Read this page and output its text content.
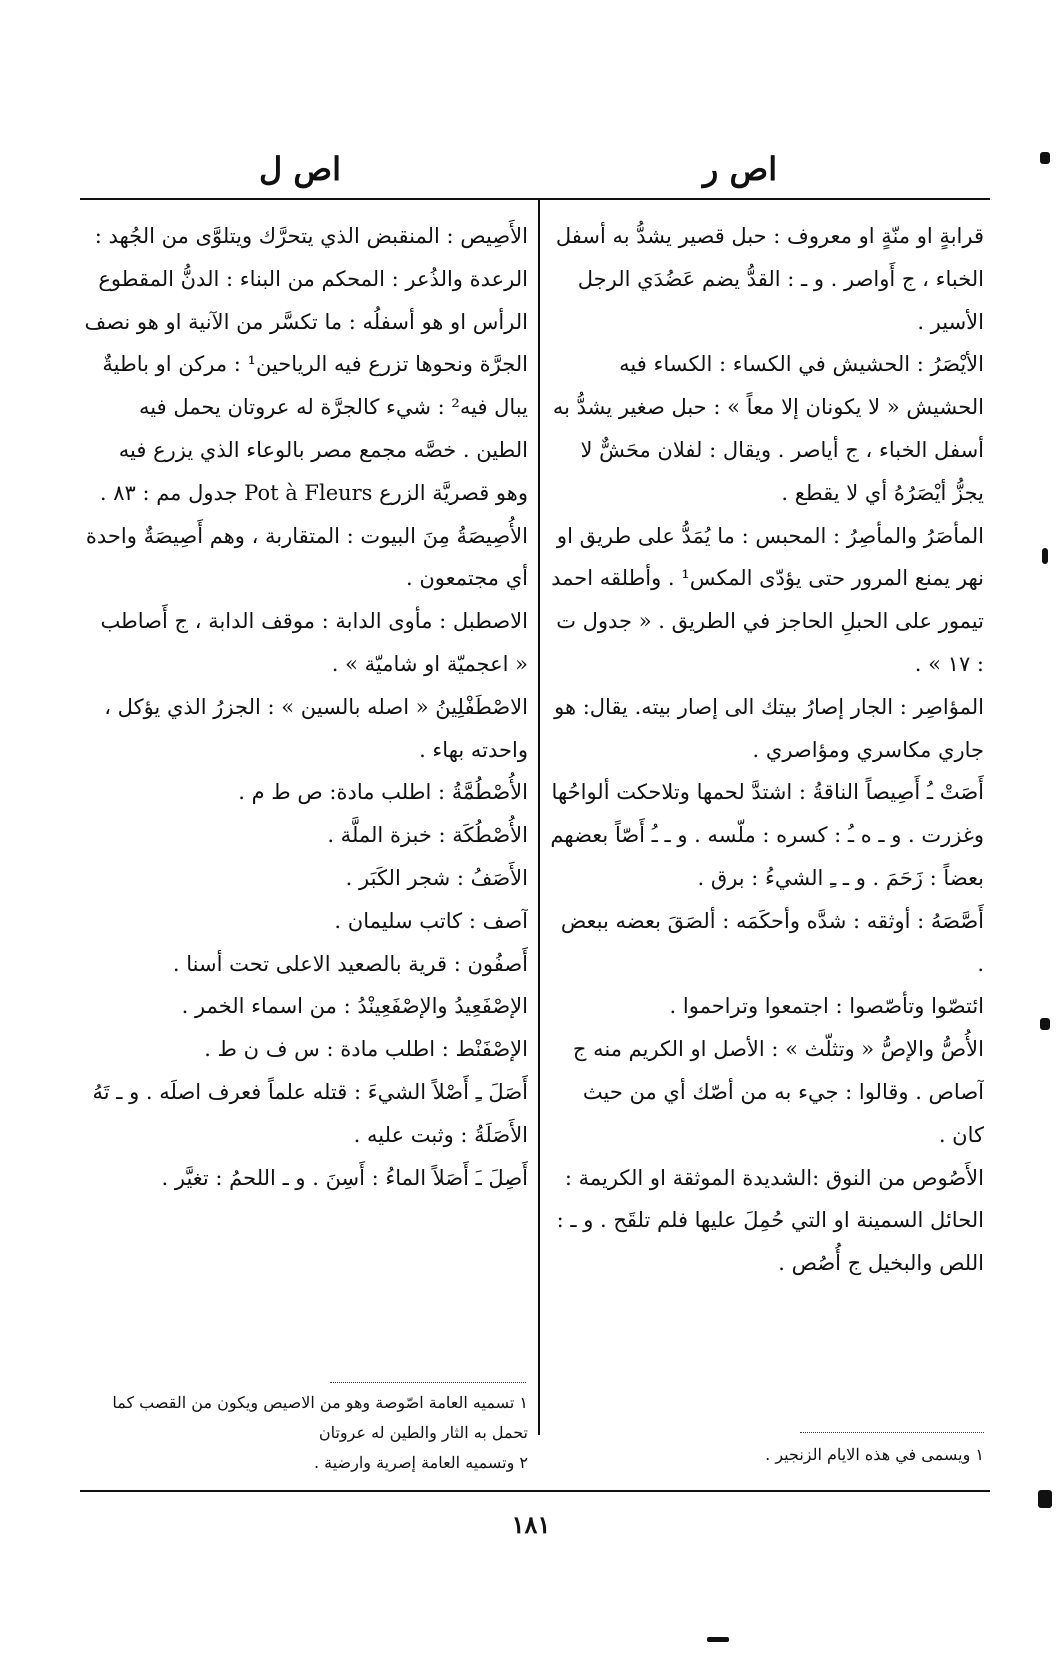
اص ر
اص ل
قرابةٍ او منّةٍ او معروف : حبل قصير يشدُّ به أسفل الخباء ، ج أَواصر . و ـ : القدُّ يضم عَضُدَي الرجل الأسير .
الأيْصَرُ : الحشيش في الكساء : الكساء فيه الحشيش « لا يكونان إلا معاً » : حبل صغير يشدُّ به أسفل الخباء ، ج أياصر . ويقال : لفلان محَشٌّ لا يجزُّ أيْصَرُهُ أي لا يقطع .
المأصَرُ والمأصِرُ : المحبس : ما يُمَدُّ على طريق او نهر يمنع المرور حتى يؤدّى المكس¹ . وأطلقه احمد تيمور على الحبلِ الحاجز في الطريق . « جدول ت : ١٧ » .
المؤاصِر : الجار إصارُ بيتك الى إصار بيته. يقال: هو جاري مكاسري ومؤاصري .
أَصَتْ ـُ أَصِيصاً الناقةُ : اشتدَّ لحمها وتلاحكت ألواحُها وغزرت . و ـ ه ـُ : كسره : ملّسه . و ـ ـُ أَصّاً بعضهم بعضاً : زَحَمَ . و ـ ـِ الشيءُ : برق .
أَصَّصَهُ : أوثقه : شدَّه وأحكَمَه : ألصَقَ بعضه ببعض .
ائتصّوا وتأصّصوا : اجتمعوا وتراحموا .
الأُصُّ والإصُّ « وتثلّث » : الأصل او الكريم منه ج آصاص . وقالوا : جيء به من أصّك أي من حيث كان .
الأَصُوص من النوق :الشديدة الموثقة او الكريمة : الحائل السمينة او التي حُمِلَ عليها فلم تلقَح . و ـ : اللص والبخيل ج أُصُص .
الأَصِيص : المنقبض الذي يتحرَّك ويتلوَّى من الجُهد : الرعدة والذُعر : المحكم من البناء : الدنُّ المقطوع الرأس او هو أسفلُه : ما تكسَّر من الآنية او هو نصف الجرَّة ونحوها تزرع فيه الرياحين¹ : مركن او باطيةٌ يبال فيه² : شيء كالجرَّة له عروتان يحمل فيه الطين . خصَّه مجمع مصر بالوعاء الذي يزرع فيه وهو قصريَّة الزرع Pot à Fleurs جدول مم : ٨٣ .
الأُصِيصَةُ مِنَ البيوت : المتقاربة ، وهم أَصِيصَةٌ واحدة أي مجتمعون .
الاصطبل : مأوى الدابة : موقف الدابة ، ج أَصاطب « اعجميّة او شاميّة » .
الاصْطَفْلِينُ « اصله بالسين » : الجزرُ الذي يؤكل ، واحدته بهاء .
الأُصْطُمَّةُ : اطلب مادة: ص ط م .
الأُصْطُكَة : خبزة الملَّة .
الأَصَفُ : شجر الكَبَر .
آصف : كاتب سليمان .
أَصفُون : قرية بالصعيد الاعلى تحت أسنا .
الإصْفَعِيدُ والإصْفَعِينْدُ : من اسماء الخمر .
الإصْفَنْط : اطلب مادة : س ف ن ط .
أَصَلَ ـِ أَصْلاً الشيءَ : قتله علماً فعرف اصلَه . و ـ تَهُ الأَصَلَةُ : وثبت عليه .
أَصِلَ ـَ أَصَلاً الماءُ : أَسِنَ . و ـ اللحمُ : تغيَّر .
١ تسميه العامة اصّوصة وهو من الاصيص ويكون من القصب كما تحمل به الثار والطين له عروتان
٢ وتسميه العامة إصرية وارضية .	١ ويسمى في هذه الايام الزنجير .
١٨١
